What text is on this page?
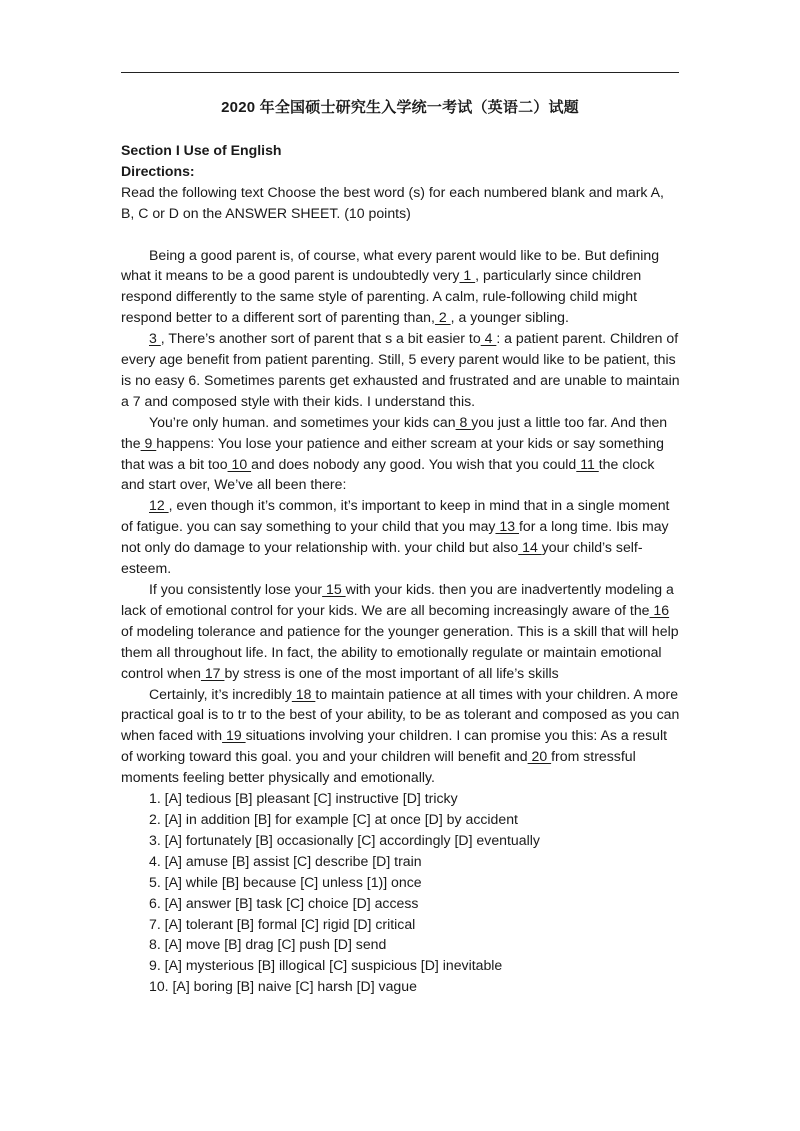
2020 年全国硕士研究生入学统一考试（英语二）试题

Section I Use of English

Directions:

Read the following text Choose the best word (s) for each numbered blank and mark A, B, C or D on the ANSWER SHEET. (10 points)

Being a good parent is, of course, what every parent would like to be. But defining what it means to be a good parent is undoubtedly very 1 , particularly since children respond differently to the same style of parenting. A calm, rule-following child might respond better to a different sort of parenting than, 2 , a younger sibling.

3 , There’s another sort of parent that s a bit easier to 4 : a patient parent. Children of every age benefit from patient parenting. Still, 5 every parent would like to be patient, this is no easy 6. Sometimes parents get exhausted and frustrated and are unable to maintain a 7 and composed style with their kids. I understand this.

You’re only human. and sometimes your kids can 8 you just a little too far. And then the 9 happens: You lose your patience and either scream at your kids or say something that was a bit too 10 and does nobody any good. You wish that you could 11 the clock and start over, We’ve all been there:

12 , even though it’s common, it’s important to keep in mind that in a single moment of fatigue. you can say something to your child that you may 13 for a long time. Ibis may not only do damage to your relationship with. your child but also 14 your child’s self-esteem.

If you consistently lose your 15 with your kids. then you are inadvertently modeling a lack of emotional control for your kids. We are all becoming increasingly aware of the 16 of modeling tolerance and patience for the younger generation. This is a skill that will help them all throughout life. In fact, the ability to emotionally regulate or maintain emotional control when 17 by stress is one of the most important of all life’s skills

Certainly, it’s incredibly 18 to maintain patience at all times with your children. A more practical goal is to tr to the best of your ability, to be as tolerant and composed as you can when faced with 19 situations involving your children. I can promise you this: As a result of working toward this goal. you and your children will benefit and 20 from stressful moments feeling better physically and emotionally.

1. [A] tedious [B] pleasant [C] instructive [D] tricky

2. [A] in addition [B] for example [C] at once [D] by accident

3. [A] fortunately [B] occasionally [C] accordingly [D] eventually

4. [A] amuse [B] assist [C] describe [D] train

5. [A] while [B] because [C] unless [1)] once

6. [A] answer [B] task [C] choice [D] access

7. [A] tolerant [B] formal [C] rigid [D] critical

8. [A] move [B] drag [C] push [D] send

9. [A] mysterious [B] illogical [C] suspicious [D] inevitable

10. [A] boring [B] naive [C] harsh [D] vague
